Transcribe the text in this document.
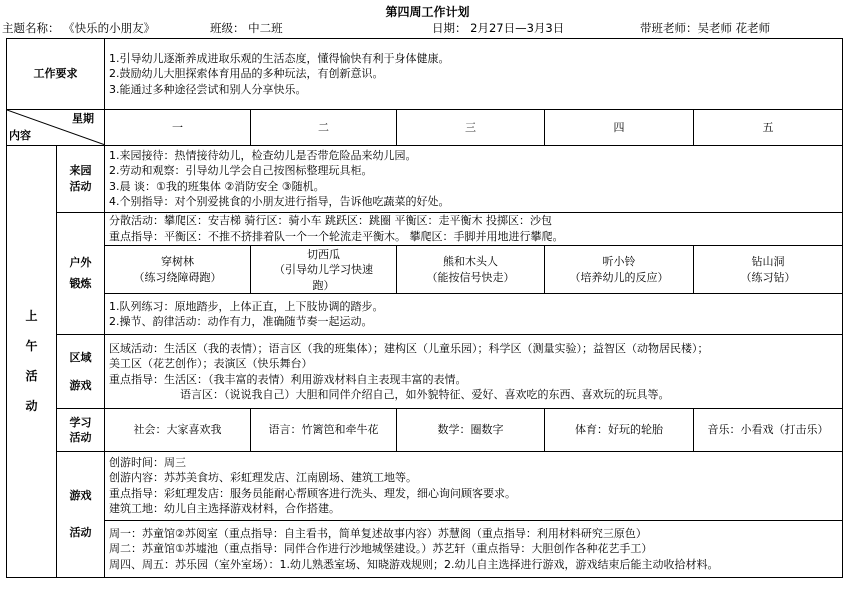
第四周工作计划
主题名称： 《快乐的小朋友》	班级： 中二班	日期： 2月27日—3月3日	带班老师：吴老师 花老师
工作要求		1.引导幼儿逐渐养成进取乐观的生活态度，懂得愉快有利于身体健康。
2.鼓励幼儿大胆探索体育用品的多种玩法，有创新意识。
3.能通过多种途径尝试和别人分享快乐。				

星期
内容		一	二	三	四	五

上
午
活
动	来园
活动	1.来园接待：热情接待幼儿，检查幼儿是否带危险品来幼儿园。
2.劳动和观察：引导幼儿学会自己按图标整理玩具柜。
3.晨 谈：①我的班集体 ②消防安全 ③随机。
4.个别指导：对个别爱挑食的小朋友进行指导，告诉他吃蔬菜的好处。				

	户外
锻炼	分散活动：攀爬区：安吉梯 骑行区：骑小车 跳跃区：跳圈 平衡区：走平衡木 投掷区：沙包
重点指导：平衡区：不推不挤排着队一个一个轮流走平衡木。 攀爬区：手脚并用地进行攀爬。				

		穿树林
（练习绕障碍跑）	切西瓜
（引导幼儿学习快速
跑）	熊和木头人
（能按信号快走）	听小铃
（培养幼儿的反应）	钻山洞
（练习钻）

		1.队列练习：原地踏步，上体正直，上下肢协调的踏步。
2.操节、韵律活动：动作有力，准确随节奏一起运动。				

	区域
游戏	区域活动：生活区（我的表情）；语言区（我的班集体）；建构区（儿童乐园）；科学区（测量实验）；益智区（动物居民楼）；
美工区（花艺创作）；表演区（快乐舞台）
重点指导：生活区：（我丰富的表情）利用游戏材料自主表现丰富的表情。
语言区：（说说我自己）大胆和同伴介绍自己，如外貌特征、爱好、喜欢吃的东西、喜欢玩的玩具等。				

	学习
活动	社会：大家喜欢我	语言：竹篱笆和牵牛花	数学：圈数字	体育：好玩的轮胎	音乐：小看戏（打击乐）

	游戏
活动	创游时间：周三
创游内容：苏苏美食坊、彩虹理发店、江南剧场、建筑工地等。
重点指导：彩虹理发店：服务员能耐心帮顾客进行洗头、理发，细心询问顾客要求。
建筑工地：幼儿自主选择游戏材料，合作搭建。				

		周一：苏童馆②苏阅室（重点指导：自主看书，简单复述故事内容）苏慧阁（重点指导：利用材料研究三原色）
周二：苏童馆①苏墟池（重点指导：同伴合作进行沙地城堡建设。）苏艺轩（重点指导：大胆创作各种花艺手工）
周四、周五：苏乐园（室外室场）：1.幼儿熟悉室场、知晓游戏规则；2.幼儿自主选择进行游戏，游戏结束后能主动收拾材料。				
